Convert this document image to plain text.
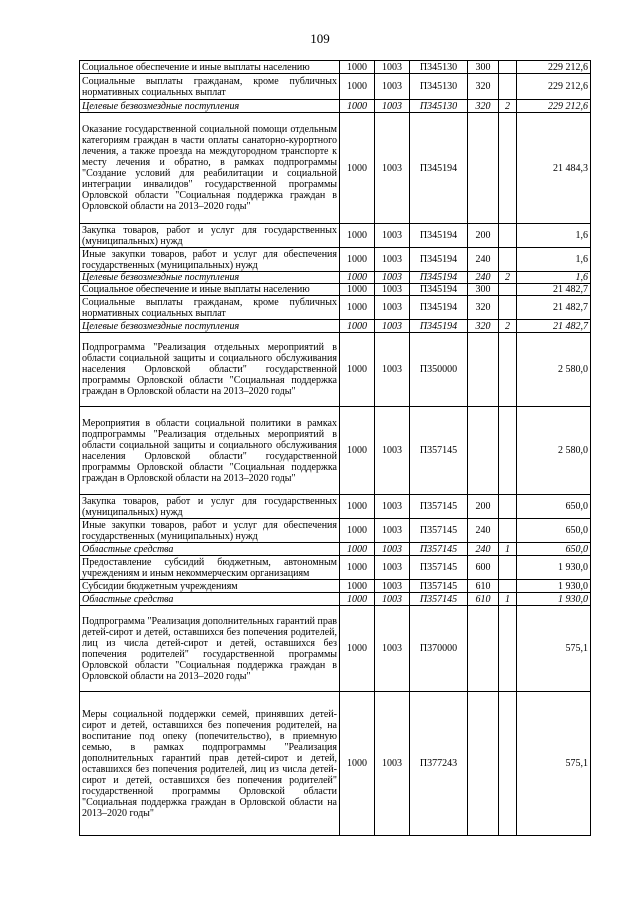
109
Социальное обеспечение и иные выплаты населению	1000	1003	П345130	300		229 212,6
Социальные выплаты гражданам, кроме публичных нормативных социальных выплат	1000	1003	П345130	320		229 212,6
Целевые безвозмездные поступления	1000	1003	П345130	320	2	229 212,6
Оказание государственной социальной помощи отдельным категориям граждан в части оплаты санаторно-курортного лечения, а также проезда на междугородном транспорте к месту лечения и обратно, в рамках подпрограммы "Создание условий для реабилитации и социальной интеграции инвалидов" государственной программы Орловской области "Социальная поддержка граждан в Орловской области на 2013–2020 годы"	1000	1003	П345194			21 484,3
Закупка товаров, работ и услуг для государственных (муниципальных) нужд	1000	1003	П345194	200		1,6
Иные закупки товаров, работ и услуг для обеспечения государственных (муниципальных) нужд	1000	1003	П345194	240		1,6
Целевые безвозмездные поступления	1000	1003	П345194	240	2	1,6
Социальное обеспечение и иные выплаты населению	1000	1003	П345194	300		21 482,7
Социальные выплаты гражданам, кроме публичных нормативных социальных выплат	1000	1003	П345194	320		21 482,7
Целевые безвозмездные поступления	1000	1003	П345194	320	2	21 482,7
Подпрограмма "Реализация отдельных мероприятий в области социальной защиты и социального обслуживания населения Орловской области" государственной программы Орловской области "Социальная поддержка граждан в Орловской области на 2013–2020 годы"	1000	1003	П350000			2 580,0
Мероприятия в области социальной политики в рамках подпрограммы "Реализация отдельных мероприятий в области социальной защиты и социального обслуживания населения Орловской области" государственной программы Орловской области "Социальная поддержка граждан в Орловской области на 2013–2020 годы"	1000	1003	П357145			2 580,0
Закупка товаров, работ и услуг для государственных (муниципальных) нужд	1000	1003	П357145	200		650,0
Иные закупки товаров, работ и услуг для обеспечения государственных (муниципальных) нужд	1000	1003	П357145	240		650,0
Областные средства	1000	1003	П357145	240	1	650,0
Предоставление субсидий бюджетным, автономным учреждениям и иным некоммерческим организациям	1000	1003	П357145	600		1 930,0
Субсидии бюджетным учреждениям	1000	1003	П357145	610		1 930,0
Областные средства	1000	1003	П357145	610	1	1 930,0
Подпрограмма "Реализация дополнительных гарантий прав детей-сирот и детей, оставшихся без попечения родителей, лиц из числа детей-сирот и детей, оставшихся без попечения родителей" государственной программы Орловской области "Социальная поддержка граждан в Орловской области на 2013–2020 годы"	1000	1003	П370000			575,1
Меры социальной поддержки семей, принявших детей-сирот и детей, оставшихся без попечения родителей, на воспитание под опеку (попечительство), в приемную семью, в рамках подпрограммы "Реализация дополнительных гарантий прав детей-сирот и детей, оставшихся без попечения родителей, лиц из числа детей-сирот и детей, оставшихся без попечения родителей" государственной программы Орловской области "Социальная поддержка граждан в Орловской области на 2013–2020 годы"	1000	1003	П377243			575,1
